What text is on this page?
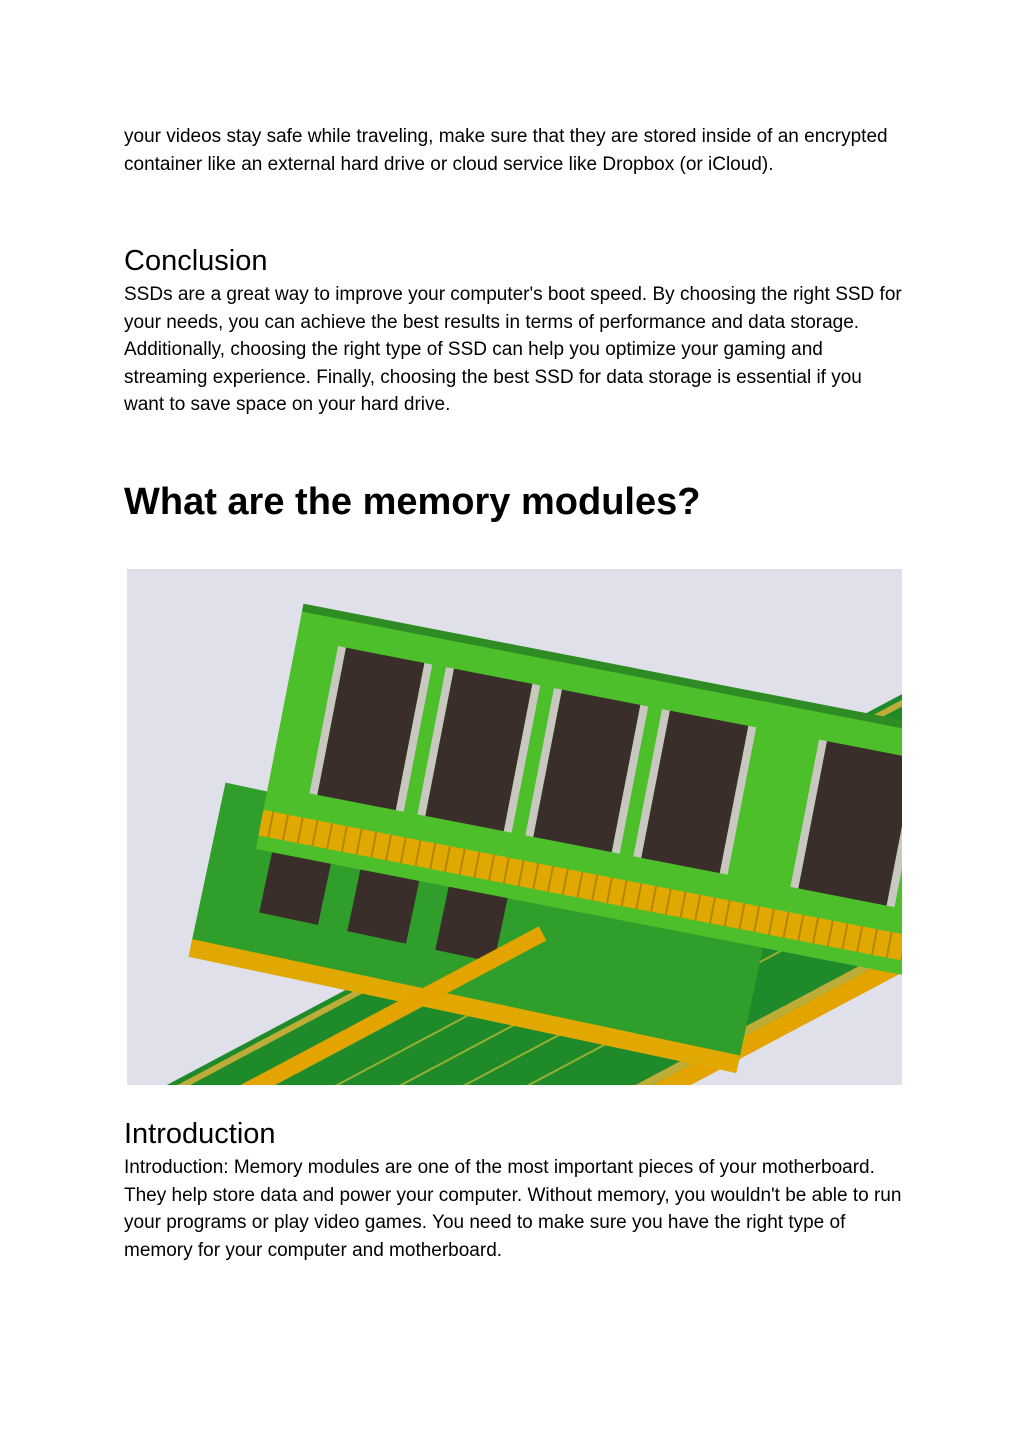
your videos stay safe while traveling, make sure that they are stored inside of an encrypted container like an external hard drive or cloud service like Dropbox (or iCloud).

Conclusion

SSDs are a great way to improve your computer's boot speed. By choosing the right SSD for your needs, you can achieve the best results in terms of performance and data storage. Additionally, choosing the right type of SSD can help you optimize your gaming and streaming experience. Finally, choosing the best SSD for data storage is essential if you want to save space on your hard drive.

What are the memory modules?
Introduction

Introduction: Memory modules are one of the most important pieces of your motherboard. They help store data and power your computer. Without memory, you wouldn't be able to run your programs or play video games. You need to make sure you have the right type of memory for your computer and motherboard.
